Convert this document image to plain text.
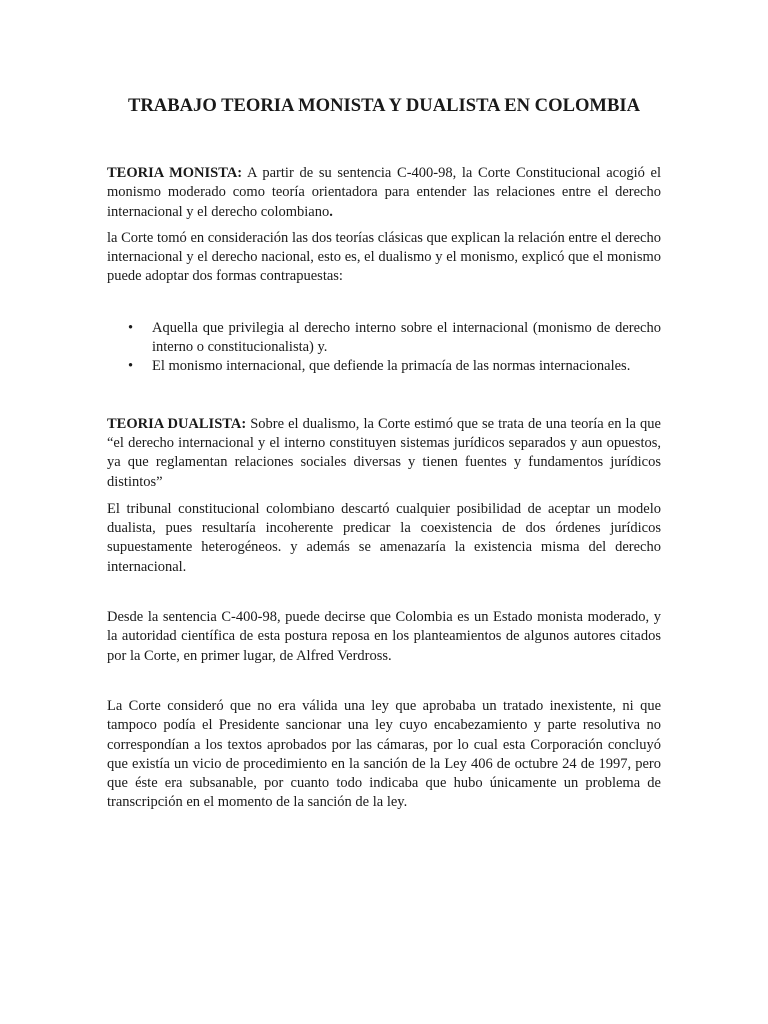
TRABAJO TEORIA MONISTA Y DUALISTA EN COLOMBIA

TEORIA MONISTA: A partir de su sentencia C-400-98, la Corte Constitucional acogió el monismo moderado como teoría orientadora para entender las relaciones entre el derecho internacional y el derecho colombiano.

la Corte tomó en consideración las dos teorías clásicas que explican la relación entre el derecho internacional y el derecho nacional, esto es, el dualismo y el monismo, explicó que el monismo puede adoptar dos formas contrapuestas:

• Aquella que privilegia al derecho interno sobre el internacional (monismo de derecho interno o constitucionalista) y.
• El monismo internacional, que defiende la primacía de las normas internacionales.

TEORIA DUALISTA: Sobre el dualismo, la Corte estimó que se trata de una teoría en la que “el derecho internacional y el interno constituyen sistemas jurídicos separados y aun opuestos, ya que reglamentan relaciones sociales diversas y tienen fuentes y fundamentos jurídicos distintos”

El tribunal constitucional colombiano descartó cualquier posibilidad de aceptar un modelo dualista, pues resultaría incoherente predicar la coexistencia de dos órdenes jurídicos supuestamente heterogéneos. y además se amenazaría la existencia misma del derecho internacional.

Desde la sentencia C-400-98, puede decirse que Colombia es un Estado monista moderado, y la autoridad científica de esta postura reposa en los planteamientos de algunos autores citados por la Corte, en primer lugar, de Alfred Verdross.

La Corte consideró que no era válida una ley que aprobaba un tratado inexistente, ni que tampoco podía el Presidente sancionar una ley cuyo encabezamiento y parte resolutiva no correspondían a los textos aprobados por las cámaras, por lo cual esta Corporación concluyó que existía un vicio de procedimiento en la sanción de la Ley 406 de octubre 24 de 1997, pero que éste era subsanable, por cuanto todo indicaba que hubo únicamente un problema de transcripción en el momento de la sanción de la ley.
